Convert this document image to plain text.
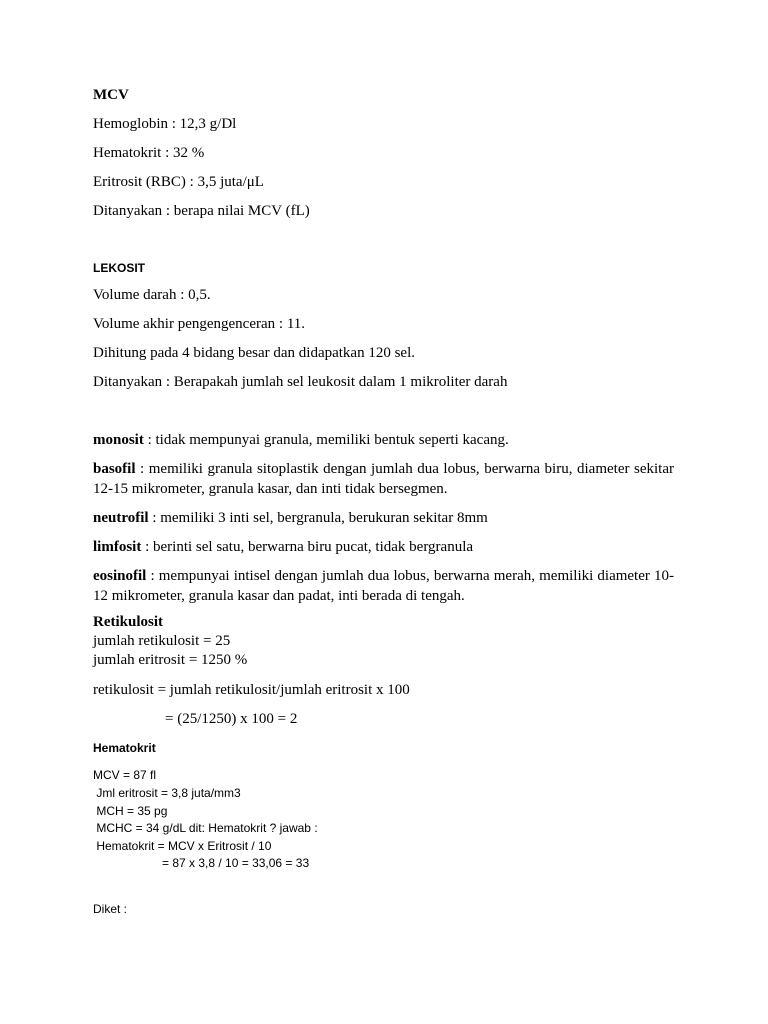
MCV
Hemoglobin : 12,3 g/Dl
Hematokrit : 32 %
Eritrosit (RBC) : 3,5 juta/μL
Ditanyakan : berapa nilai MCV (fL)
LEKOSIT
Volume darah : 0,5.
Volume akhir pengengenceran : 11.
Dihitung pada 4 bidang besar dan didapatkan 120 sel.
Ditanyakan : Berapakah jumlah sel leukosit dalam 1 mikroliter darah
monosit : tidak mempunyai granula, memiliki bentuk seperti kacang.
basofil : memiliki granula sitoplastik dengan jumlah dua lobus, berwarna biru, diameter sekitar 12-15 mikrometer, granula kasar, dan inti tidak bersegmen.
neutrofil : memiliki 3 inti sel, bergranula, berukuran sekitar 8mm
limfosit : berinti sel satu, berwarna biru pucat, tidak bergranula
eosinofil : mempunyai intisel dengan jumlah dua lobus, berwarna merah, memiliki diameter 10-12 mikrometer, granula kasar dan padat, inti berada di tengah.
Retikulosit
jumlah retikulosit = 25
jumlah eritrosit = 1250 %
retikulosit = jumlah retikulosit/jumlah eritrosit x 100
= (25/1250) x 100 = 2
Hematokrit
MCV = 87 fl
Jml eritrosit = 3,8 juta/mm3
MCH = 35 pg
MCHC = 34 g/dL dit: Hematokrit ? jawab :
Hematokrit = MCV x Eritrosit / 10
= 87 x 3,8 / 10 = 33,06 = 33
Diket :
